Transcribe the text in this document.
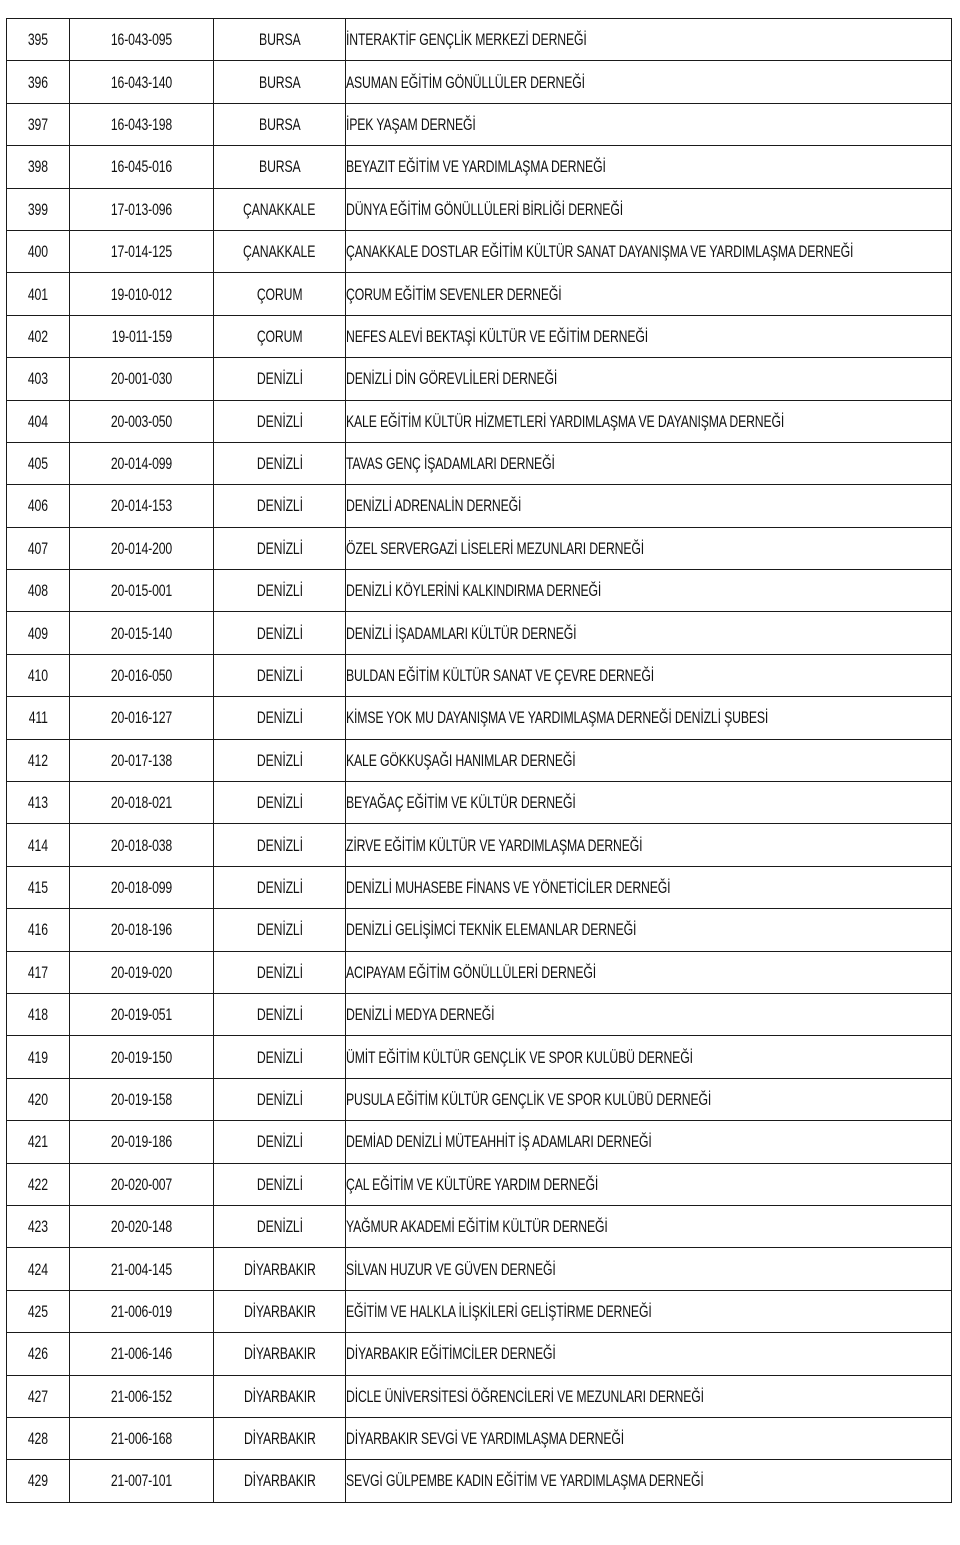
395	16-043-095	BURSA	İNTERAKTİF GENÇLİK MERKEZİ DERNEĞİ
396	16-043-140	BURSA	ASUMAN EĞİTİM GÖNÜLLÜLER DERNEĞİ
397	16-043-198	BURSA	İPEK YAŞAM DERNEĞİ
398	16-045-016	BURSA	BEYAZIT EĞİTİM VE YARDIMLAŞMA DERNEĞİ
399	17-013-096	ÇANAKKALE	DÜNYA EĞİTİM GÖNÜLLÜLERİ BİRLİĞİ DERNEĞİ
400	17-014-125	ÇANAKKALE	ÇANAKKALE DOSTLAR EĞİTİM KÜLTÜR SANAT DAYANIŞMA VE YARDIMLAŞMA DERNEĞİ
401	19-010-012	ÇORUM	ÇORUM EĞİTİM SEVENLER DERNEĞİ
402	19-011-159	ÇORUM	NEFES ALEVİ BEKTAŞİ KÜLTÜR VE EĞİTİM DERNEĞİ
403	20-001-030	DENİZLİ	DENİZLİ DİN GÖREVLİLERİ DERNEĞİ
404	20-003-050	DENİZLİ	KALE EĞİTİM KÜLTÜR HİZMETLERİ YARDIMLAŞMA VE DAYANIŞMA DERNEĞİ
405	20-014-099	DENİZLİ	TAVAS GENÇ İŞADAMLARI DERNEĞİ
406	20-014-153	DENİZLİ	DENİZLİ ADRENALİN DERNEĞİ
407	20-014-200	DENİZLİ	ÖZEL SERVERGAZİ LİSELERİ MEZUNLARI DERNEĞİ
408	20-015-001	DENİZLİ	DENİZLİ KÖYLERİNİ KALKINDIRMA DERNEĞİ
409	20-015-140	DENİZLİ	DENİZLİ İŞADAMLARI KÜLTÜR DERNEĞİ
410	20-016-050	DENİZLİ	BULDAN EĞİTİM KÜLTÜR SANAT VE ÇEVRE DERNEĞİ
411	20-016-127	DENİZLİ	KİMSE YOK MU DAYANIŞMA VE YARDIMLAŞMA DERNEĞİ DENİZLİ ŞUBESİ
412	20-017-138	DENİZLİ	KALE GÖKKUŞAĞI HANIMLAR DERNEĞİ
413	20-018-021	DENİZLİ	BEYAĞAÇ EĞİTİM VE KÜLTÜR DERNEĞİ
414	20-018-038	DENİZLİ	ZİRVE EĞİTİM KÜLTÜR VE YARDIMLAŞMA DERNEĞİ
415	20-018-099	DENİZLİ	DENİZLİ MUHASEBE FİNANS VE YÖNETİCİLER DERNEĞİ
416	20-018-196	DENİZLİ	DENİZLİ GELİŞİMCİ TEKNİK ELEMANLAR DERNEĞİ
417	20-019-020	DENİZLİ	ACIPAYAM EĞİTİM GÖNÜLLÜLERİ DERNEĞİ
418	20-019-051	DENİZLİ	DENİZLİ MEDYA DERNEĞİ
419	20-019-150	DENİZLİ	ÜMİT EĞİTİM KÜLTÜR GENÇLİK VE SPOR KULÜBÜ DERNEĞİ
420	20-019-158	DENİZLİ	PUSULA EĞİTİM KÜLTÜR GENÇLİK VE SPOR KULÜBÜ DERNEĞİ
421	20-019-186	DENİZLİ	DEMİAD DENİZLİ MÜTEAHHİT İŞ ADAMLARI DERNEĞİ
422	20-020-007	DENİZLİ	ÇAL EĞİTİM VE KÜLTÜRE YARDIM DERNEĞİ
423	20-020-148	DENİZLİ	YAĞMUR AKADEMİ EĞİTİM KÜLTÜR DERNEĞİ
424	21-004-145	DİYARBAKIR	SİLVAN HUZUR VE GÜVEN DERNEĞİ
425	21-006-019	DİYARBAKIR	EĞİTİM VE HALKLA İLİŞKİLERİ GELİŞTİRME DERNEĞİ
426	21-006-146	DİYARBAKIR	DİYARBAKIR EĞİTİMCİLER DERNEĞİ
427	21-006-152	DİYARBAKIR	DİCLE ÜNİVERSİTESİ ÖĞRENCİLERİ VE MEZUNLARI DERNEĞİ
428	21-006-168	DİYARBAKIR	DİYARBAKIR SEVGİ VE YARDIMLAŞMA DERNEĞİ
429	21-007-101	DİYARBAKIR	SEVGİ GÜLPEMBE KADIN EĞİTİM VE YARDIMLAŞMA DERNEĞİ
